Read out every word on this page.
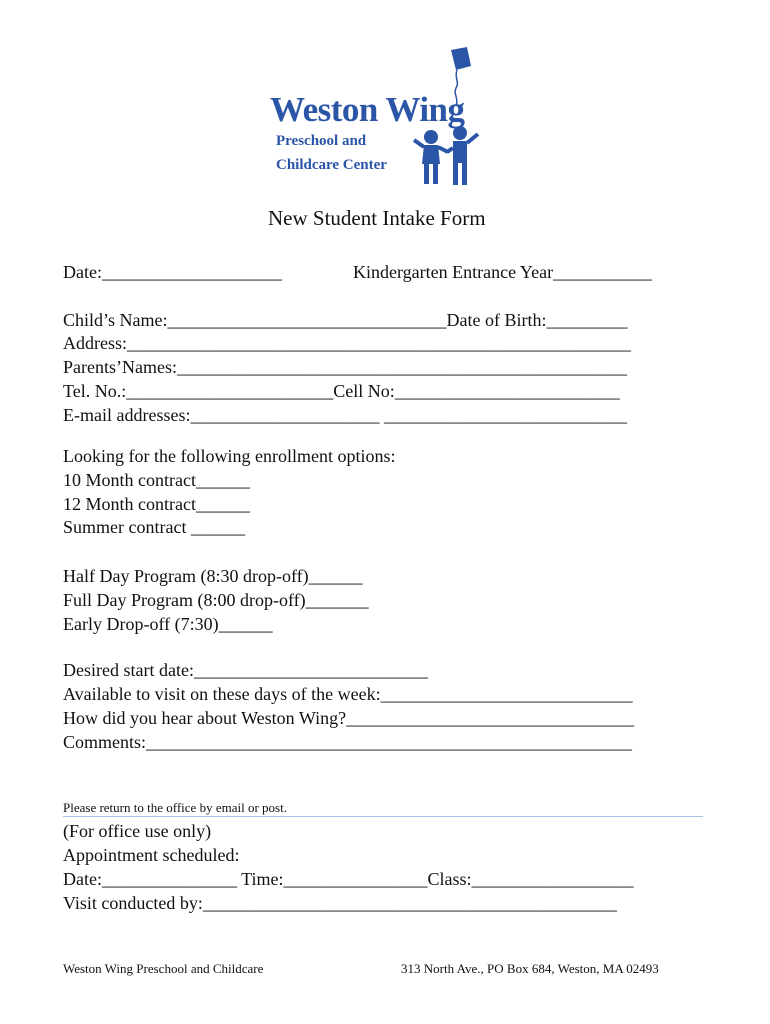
Weston Wing
Preschool and
Childcare Center
New Student Intake Form
Date:____________________	Kindergarten Entrance Year___________
Child’s Name:_______________________________Date of Birth:_________
Address:________________________________________________________
Parents’Names:__________________________________________________
Tel. No.:_______________________Cell No:_________________________
E-mail addresses:_____________________ ___________________________
Looking for the following enrollment options:
10 Month contract______
12 Month contract______
Summer contract ______
Half Day Program (8:30 drop-off)______
Full Day Program (8:00 drop-off)_______
Early Drop-off (7:30)______
Desired start date:__________________________
Available to visit on these days of the week:____________________________
How did you hear about Weston Wing?________________________________
Comments:______________________________________________________
Please return to the office by email or post.
(For office use only)
Appointment scheduled:
Date:_______________ Time:________________Class:__________________
Visit conducted by:______________________________________________
Weston Wing Preschool and Childcare	313 North Ave., PO Box 684, Weston, MA 02493
